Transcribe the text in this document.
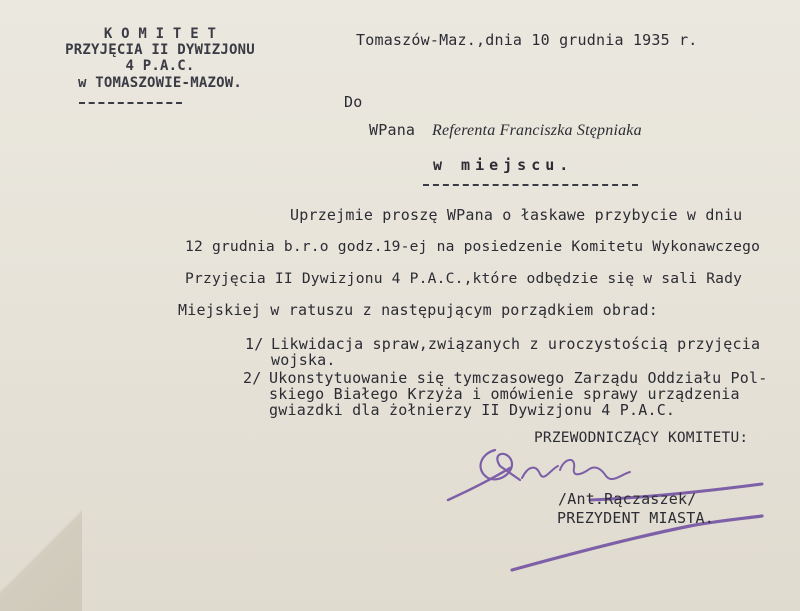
K O M I T E T
PRZYJĘCIA II DYWIZJONU
4 P.A.C.
w TOMASZOWIE-MAZOW.
Tomaszów-Maz.,dnia 10 grudnia 1935 r.
Do
WPana Referenta Franciszka Stępniaka
w miejscu.
Uprzejmie proszę WPana o łaskawe przybycie w dniu
12 grudnia b.r.o godz.19-ej na posiedzenie Komitetu Wykonawczego
Przyjęcia II Dywizjonu 4 P.A.C.,które odbędzie się w sali Rady
Miejskiej w ratuszu z następującym porządkiem obrad:
1/ Likwidacja spraw,związanych z uroczystością przyjęcia
wojska.
2/ Ukonstytuowanie się tymczasowego Zarządu Oddziału Pol-
skiego Białego Krzyża i omówienie sprawy urządzenia
gwiazdki dla żołnierzy II Dywizjonu 4 P.A.C.
PRZEWODNICZĄCY KOMITETU:
/Ant.Rączaszek/
PREZYDENT MIASTA.
